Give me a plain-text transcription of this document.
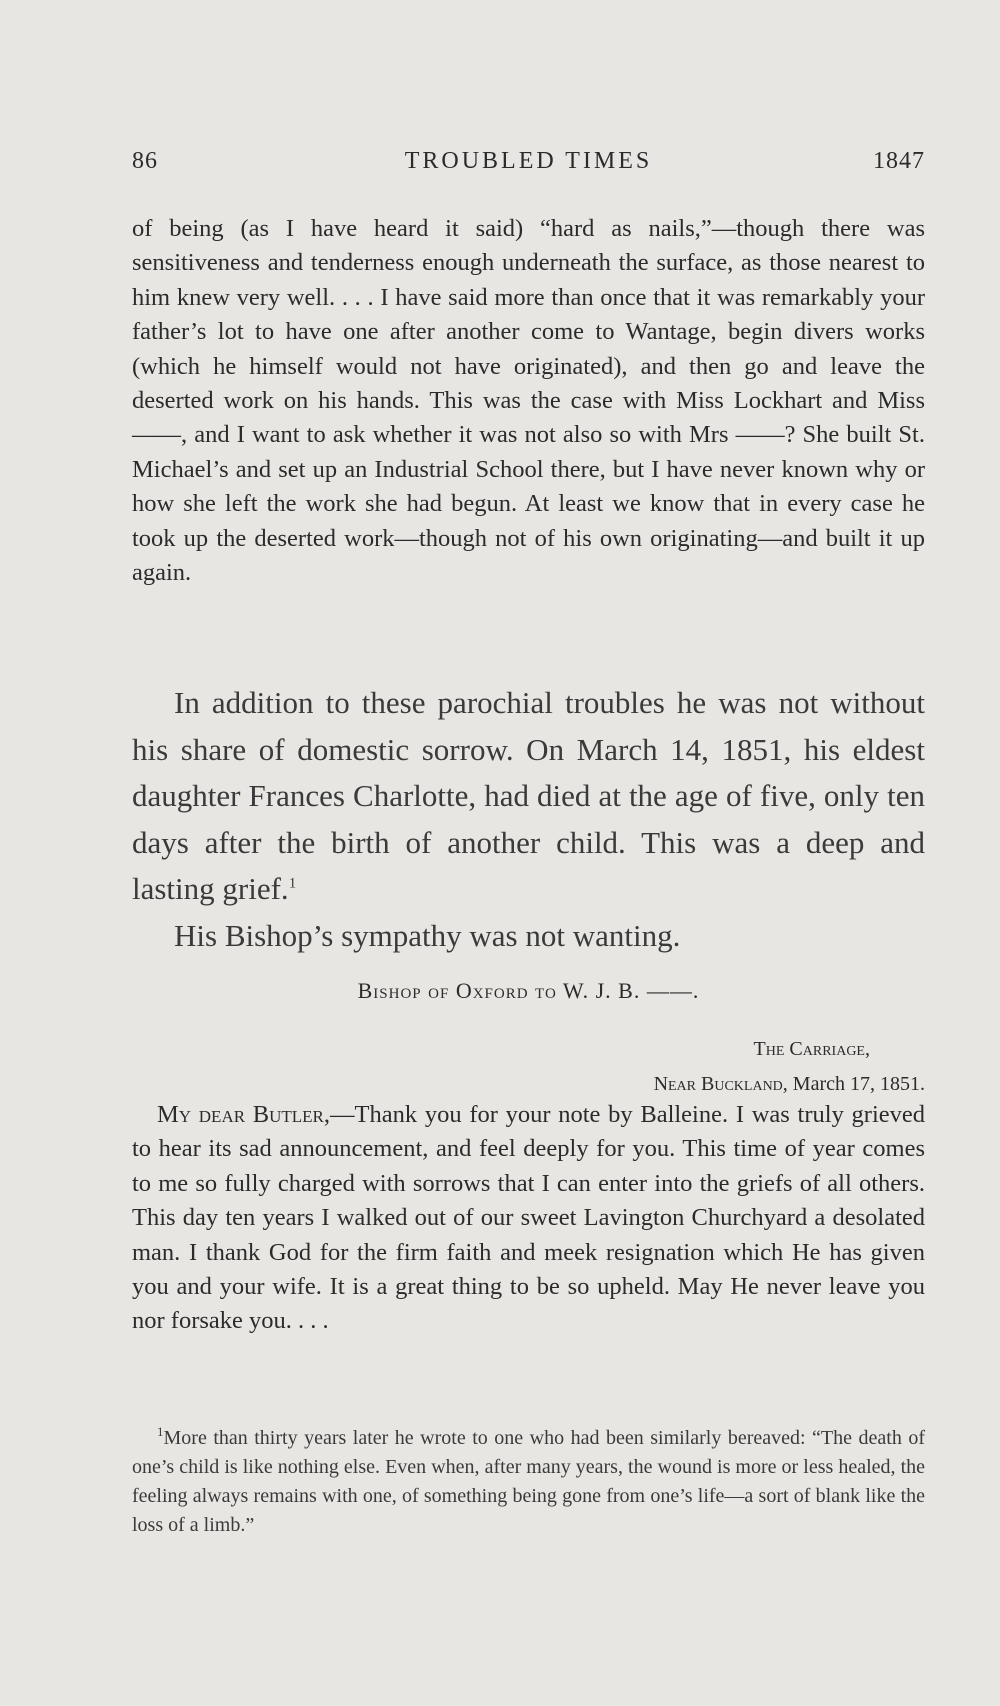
86	TROUBLED TIMES	1847
of being (as I have heard it said) “hard as nails,”—though there was sensitiveness and tenderness enough underneath the surface, as those nearest to him knew very well. . . . I have said more than once that it was remarkably your father’s lot to have one after another come to Wantage, begin divers works (which he himself would not have originated), and then go and leave the deserted work on his hands. This was the case with Miss Lockhart and Miss ——, and I want to ask whether it was not also so with Mrs ——? She built St. Michael’s and set up an Industrial School there, but I have never known why or how she left the work she had begun. At least we know that in every case he took up the deserted work—though not of his own originating—and built it up again.
In addition to these parochial troubles he was not without his share of domestic sorrow. On March 14, 1851, his eldest daughter Frances Charlotte, had died at the age of five, only ten days after the birth of another child. This was a deep and lasting grief.$^1$
His Bishop’s sympathy was not wanting.
Bishop of Oxford to W. J. B. ——.
The Carriage,
Near Buckland, March 17, 1851.
My dear Butler,—Thank you for your note by Balleine. I was truly grieved to hear its sad announcement, and feel deeply for you. This time of year comes to me so fully charged with sorrows that I can enter into the griefs of all others. This day ten years I walked out of our sweet Lavington Churchyard a desolated man. I thank God for the firm faith and meek resignation which He has given you and your wife. It is a great thing to be so upheld. May He never leave you nor forsake you. . . .
$^1$More than thirty years later he wrote to one who had been similarly bereaved: “The death of one’s child is like nothing else. Even when, after many years, the wound is more or less healed, the feeling always remains with one, of something being gone from one’s life—a sort of blank like the loss of a limb.”
